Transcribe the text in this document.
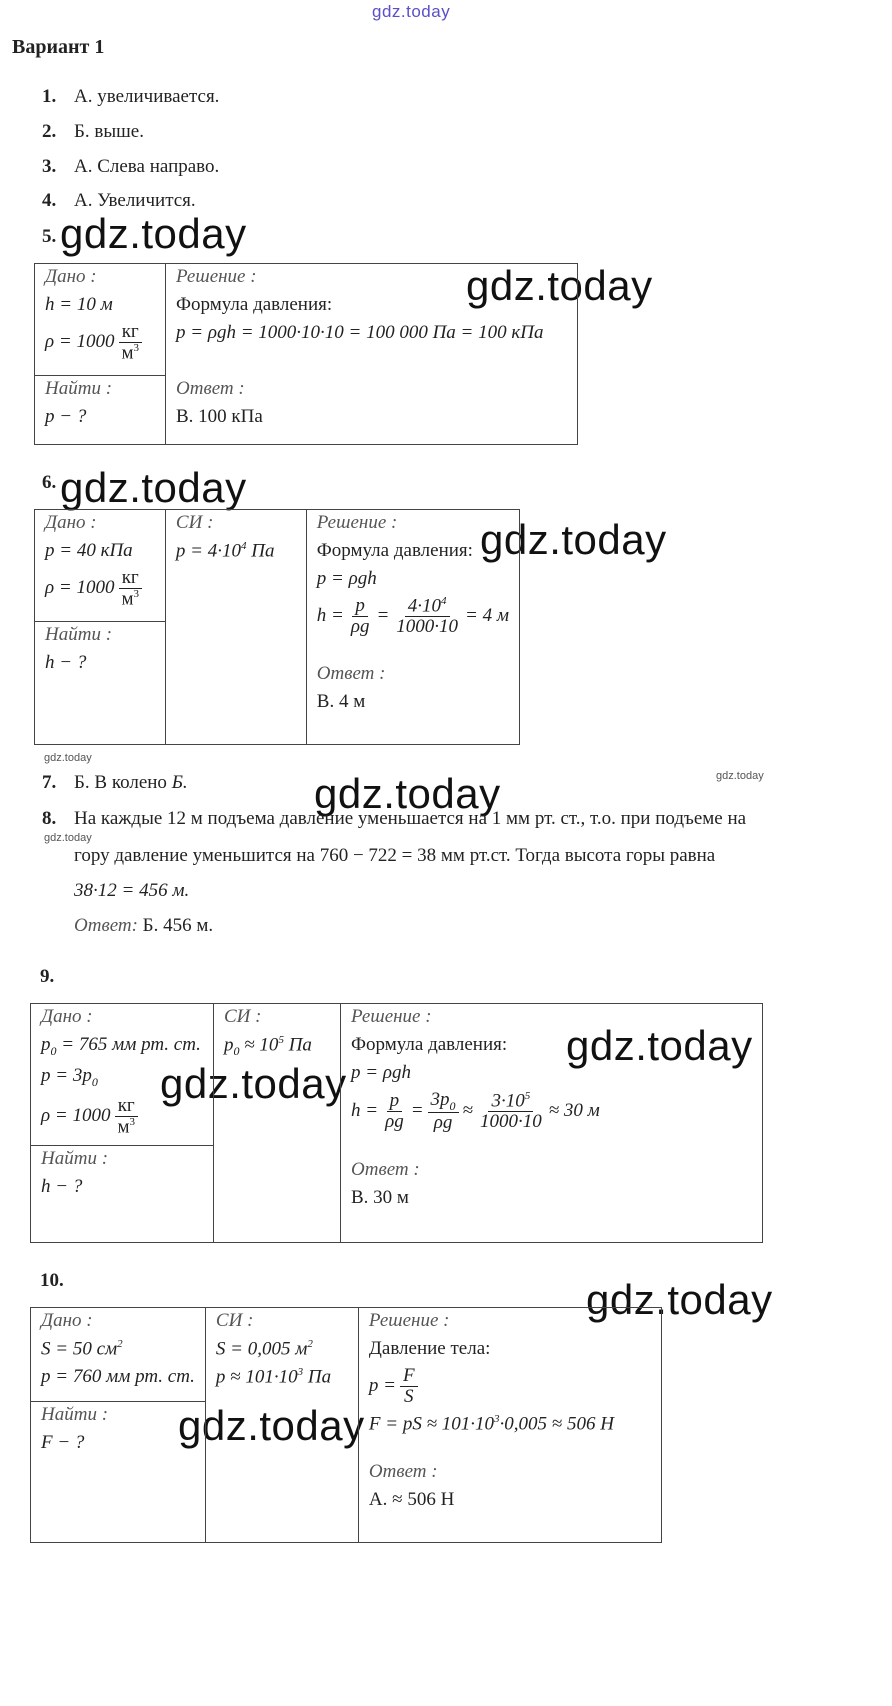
gdz.today
gdz.today
gdz.today
gdz.today
gdz.today
gdz.today
gdz.today
gdz.today
gdz.today
gdz.today
gdz.today
gdz.today
gdz.today
Вариант 1
1. А. увеличивается.
2. Б. выше.
3. А. Слева направо.
4. А. Увеличится.
5.
Дано :
h = 10 м
$\rho = 1000 \frac{кг}{м^3}$

Решение :
Формула давления:
p = ρgh = 1000·10·10 = 100 000 Па = 100 кПа
Ответ :
В. 100 кПа

Найти :
p − ?
6.
Дано :
p = 40 кПа
$\rho = 1000 \frac{кг}{м^3}$

СИ :
$p = 4\cdot 10^4$ Па

Решение :
Формула давления:
p = ρgh
$h = \frac{p}{\rho g} = \frac{4\cdot 10^4}{1000\cdot 10} = 4$ м
Ответ :
В. 4 м

Найти :
h − ?
7. Б. В колено Б.
8. На каждые 12 м подъема давление уменьшается на 1 мм рт. ст., т.о. при подъеме на
гору давление уменьшится на 760 − 722 = 38 мм рт.ст. Тогда высота горы равна
38·12 = 456 м.
Ответ: Б. 456 м.
9.
Дано :
$p_0 = 765$ мм рт. ст.
$p = 3p_0$
$\rho = 1000 \frac{кг}{м^3}$

СИ :
$p_0 \approx 10^5$ Па

Решение :
Формула давления:
p = ρgh
$h = \frac{p}{\rho g} = \frac{3p_0}{\rho g} \approx \frac{3\cdot 10^5}{1000\cdot 10} \approx 30$ м
Ответ :
В. 30 м

Найти :
h − ?
10.
Дано :
S = 50 $см^2$
p = 760 мм рт. ст.

СИ :
S = 0,005 $м^2$
$p \approx 101\cdot 10^3$ Па

Решение :
Давление тела:
$p = \frac{F}{S}$
F = pS ≈ $101\cdot 10^3\cdot 0,005 \approx 506$ Н
Ответ :
А. ≈ 506 Н

Найти :
F − ?
